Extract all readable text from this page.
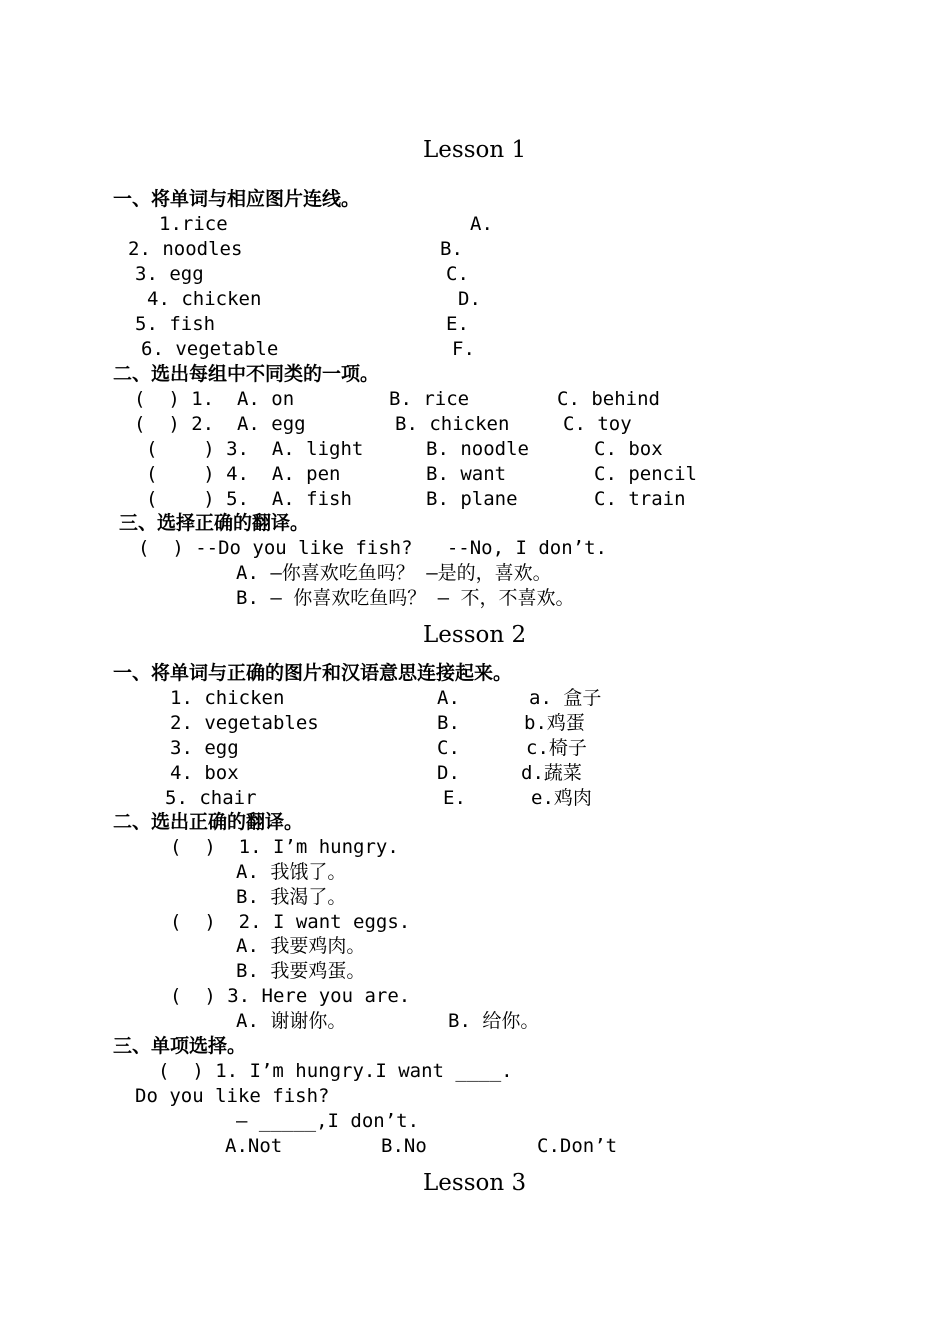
Lesson 1
一、将单词与相应图片连线。
1.rice	A.
2. noodles	B.
3. egg	C.
4. chicken	D.
5. fish	E.
6. vegetable	F.
二、选出每组中不同类的一项。
(  ) 1.  A. on	B. rice	C. behind
(  ) 2.  A. egg	B. chicken	C. toy
(    ) 3.  A. light	B. noodle	C. box
(    ) 4.  A. pen	B. want	C. pencil
(    ) 5.  A. fish	B. plane	C. train
三、选择正确的翻译。
(  ) --Do you like fish?   --No, I don’t.
A. –你喜欢吃鱼吗？ –是的，喜欢。
B. – 你喜欢吃鱼吗？ – 不，不喜欢。
Lesson 2
一、将单词与正确的图片和汉语意思连接起来。
1. chicken	A.	a. 盒子
2. vegetables	B.	b.鸡蛋
3. egg	C.	c.椅子
4. box	D.	d.蔬菜
5. chair	E.	e.鸡肉
二、选出正确的翻译。
(  )  1. I’m hungry.
A. 我饿了。
B. 我渴了。
(  )  2. I want eggs.
A. 我要鸡肉。
B. 我要鸡蛋。
(  ) 3. Here you are.
A. 谢谢你。	B. 给你。
三、单项选择。
(  ) 1. I’m hungry.I want ____.
Do you like fish?
– _____,I don’t.
A.Not	B.No	C.Don’t
Lesson 3
